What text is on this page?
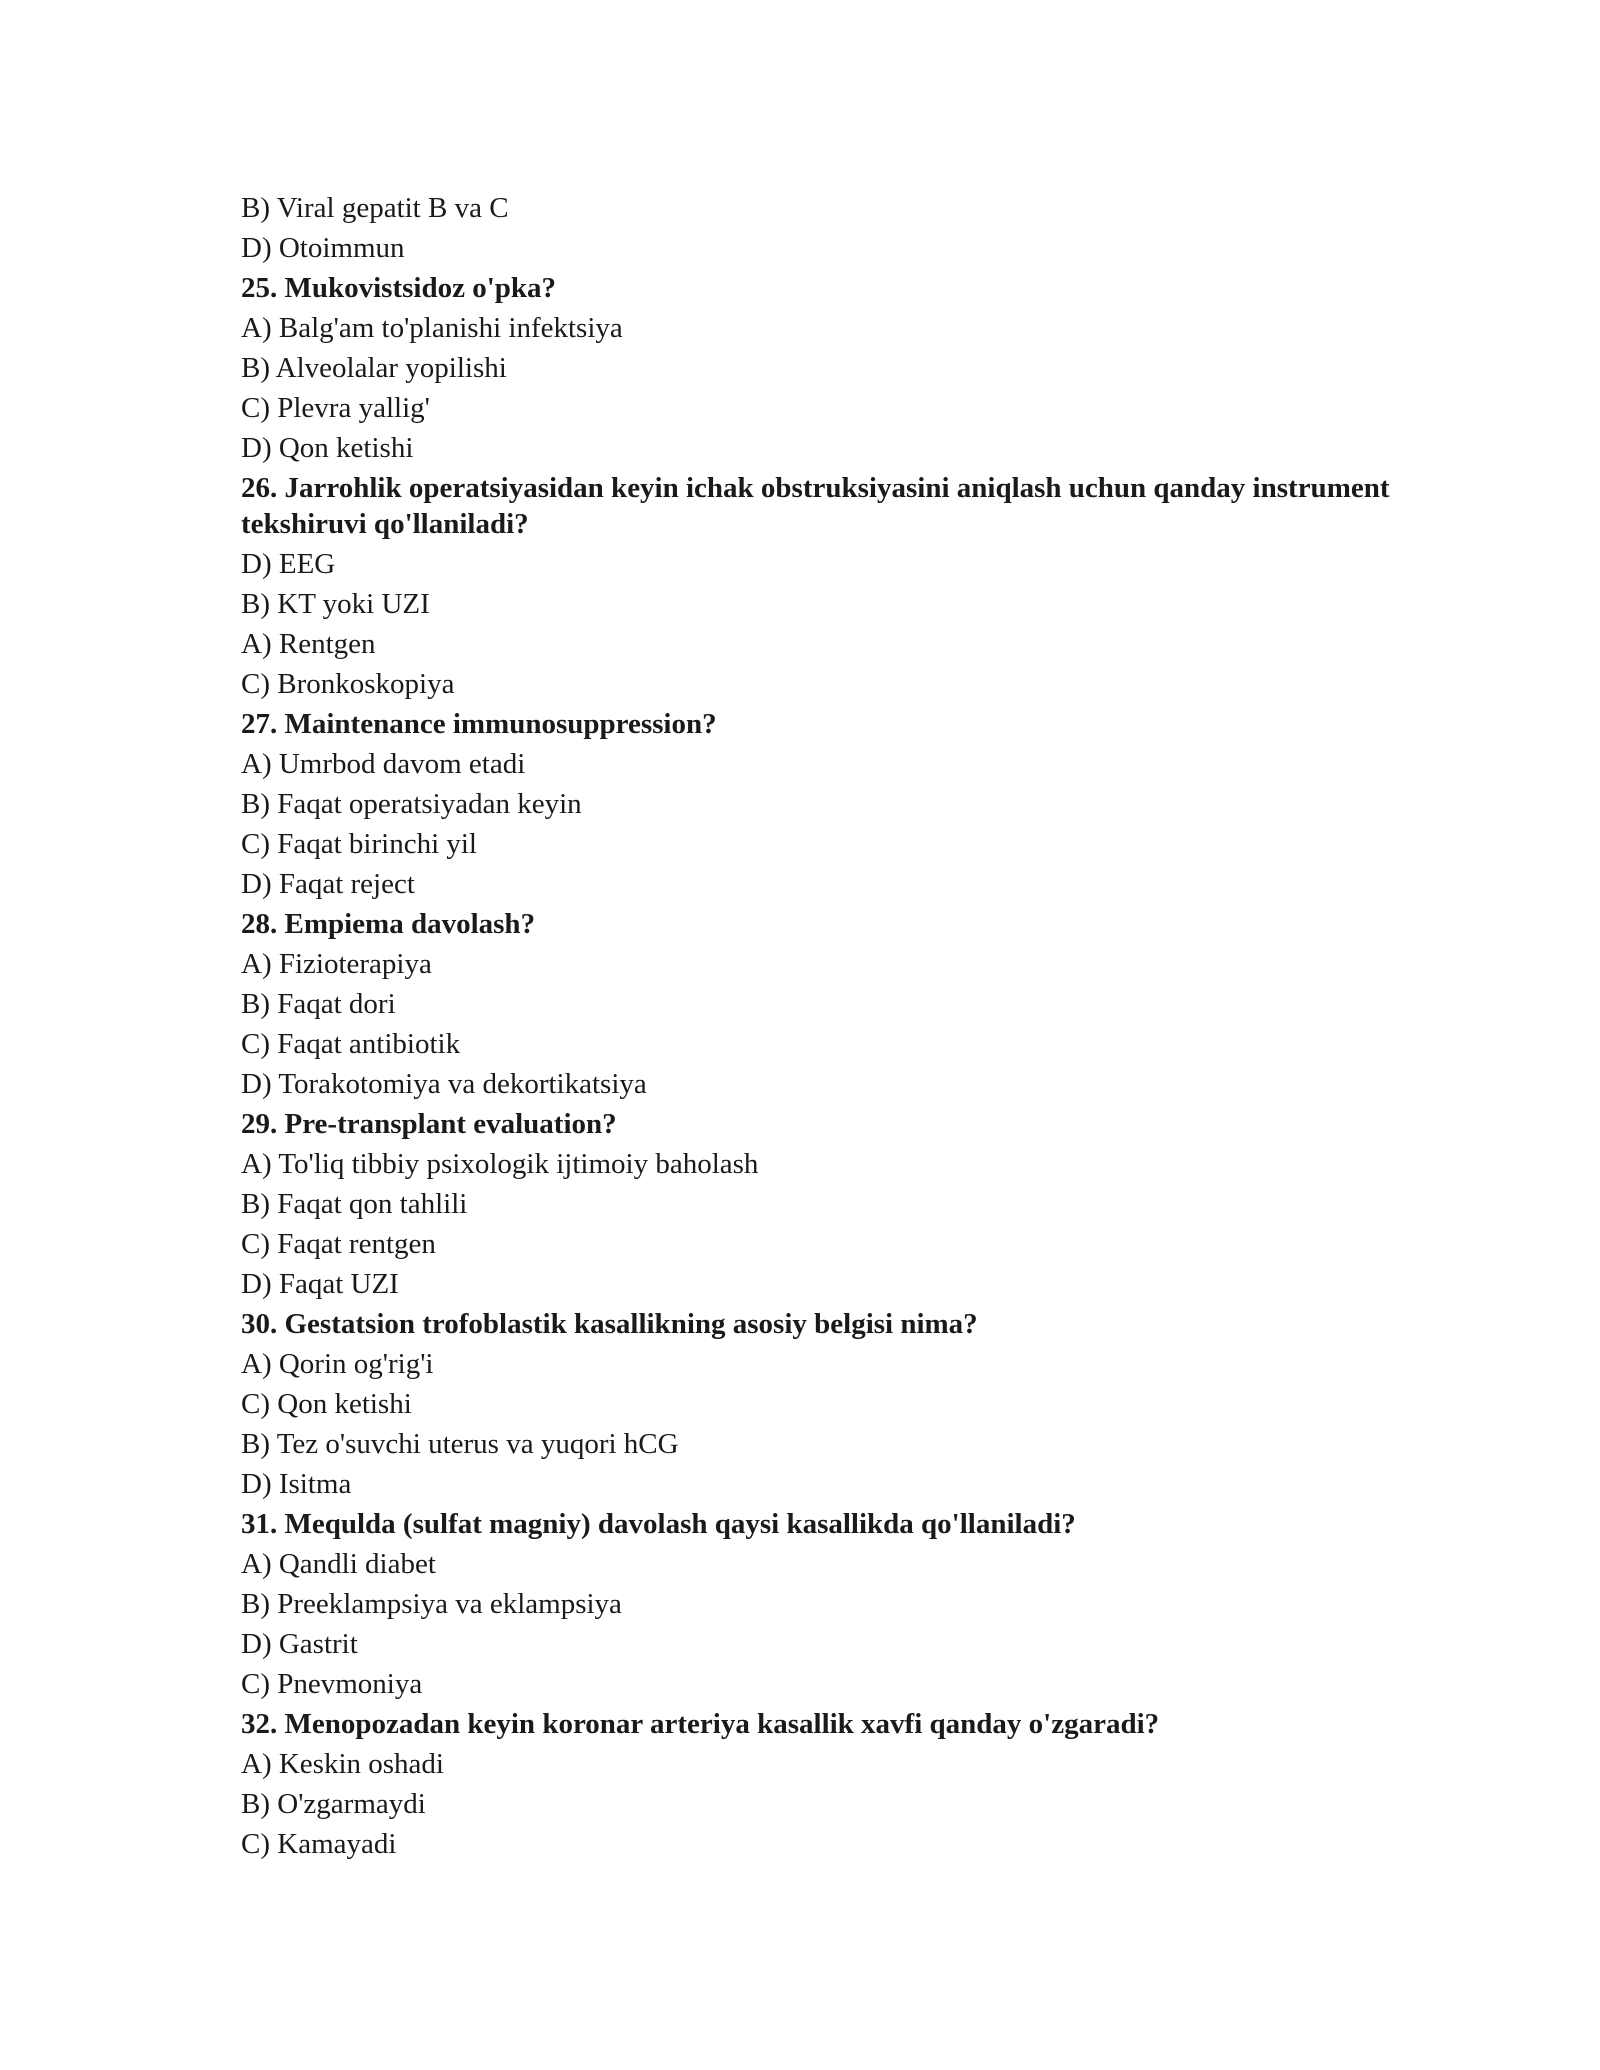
B) Viral gepatit B va C

D) Otoimmun

25. Mukovistsidoz o'pka?

A) Balg'am to'planishi infektsiya

B) Alveolalar yopilishi

C) Plevra yallig'

D) Qon ketishi

26. Jarrohlik operatsiyasidan keyin ichak obstruksiyasini aniqlash uchun qanday instrument tekshiruvi qo'llaniladi?

D) EEG

B) KT yoki UZI

A) Rentgen

C) Bronkoskopiya

27. Maintenance immunosuppression?

A) Umrbod davom etadi

B) Faqat operatsiyadan keyin

C) Faqat birinchi yil

D) Faqat reject

28. Empiema davolash?

A) Fizioterapiya

B) Faqat dori

C) Faqat antibiotik

D) Torakotomiya va dekortikatsiya

29. Pre-transplant evaluation?

A) To'liq tibbiy psixologik ijtimoiy baholash

B) Faqat qon tahlili

C) Faqat rentgen

D) Faqat UZI

30. Gestatsion trofoblastik kasallikning asosiy belgisi nima?

A) Qorin og'rig'i

C) Qon ketishi

B) Tez o'suvchi uterus va yuqori hCG

D) Isitma

31. Mequlda (sulfat magniy) davolash qaysi kasallikda qo'llaniladi?

A) Qandli diabet

B) Preeklampsiya va eklampsiya

D) Gastrit

C) Pnevmoniya

32. Menopozadan keyin koronar arteriya kasallik xavfi qanday o'zgaradi?

A) Keskin oshadi

B) O'zgarmaydi

C) Kamayadi
